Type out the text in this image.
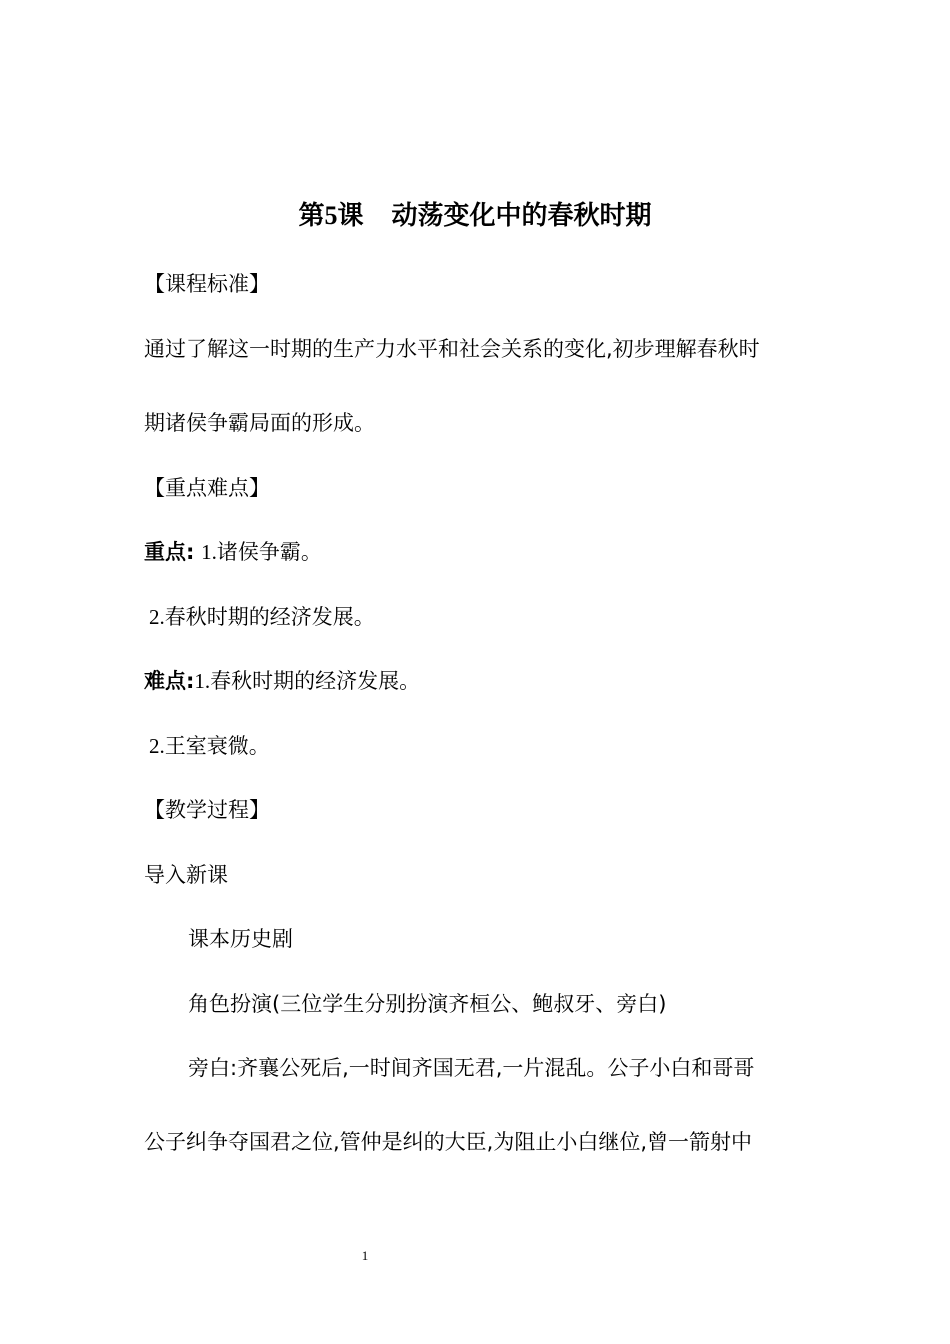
第5课 动荡变化中的春秋时期
【课程标准】
通过了解这一时期的生产力水平和社会关系的变化,初步理解春秋时
期诸侯争霸局面的形成。
【重点难点】
重点: 1.诸侯争霸。
2.春秋时期的经济发展。
难点:1.春秋时期的经济发展。
2.王室衰微。
【教学过程】
导入新课
课本历史剧
角色扮演(三位学生分别扮演齐桓公、鲍叔牙、旁白)
旁白:齐襄公死后,一时间齐国无君,一片混乱。公子小白和哥哥
公子纠争夺国君之位,管仲是纠的大臣,为阻止小白继位,曾一箭射中
1
